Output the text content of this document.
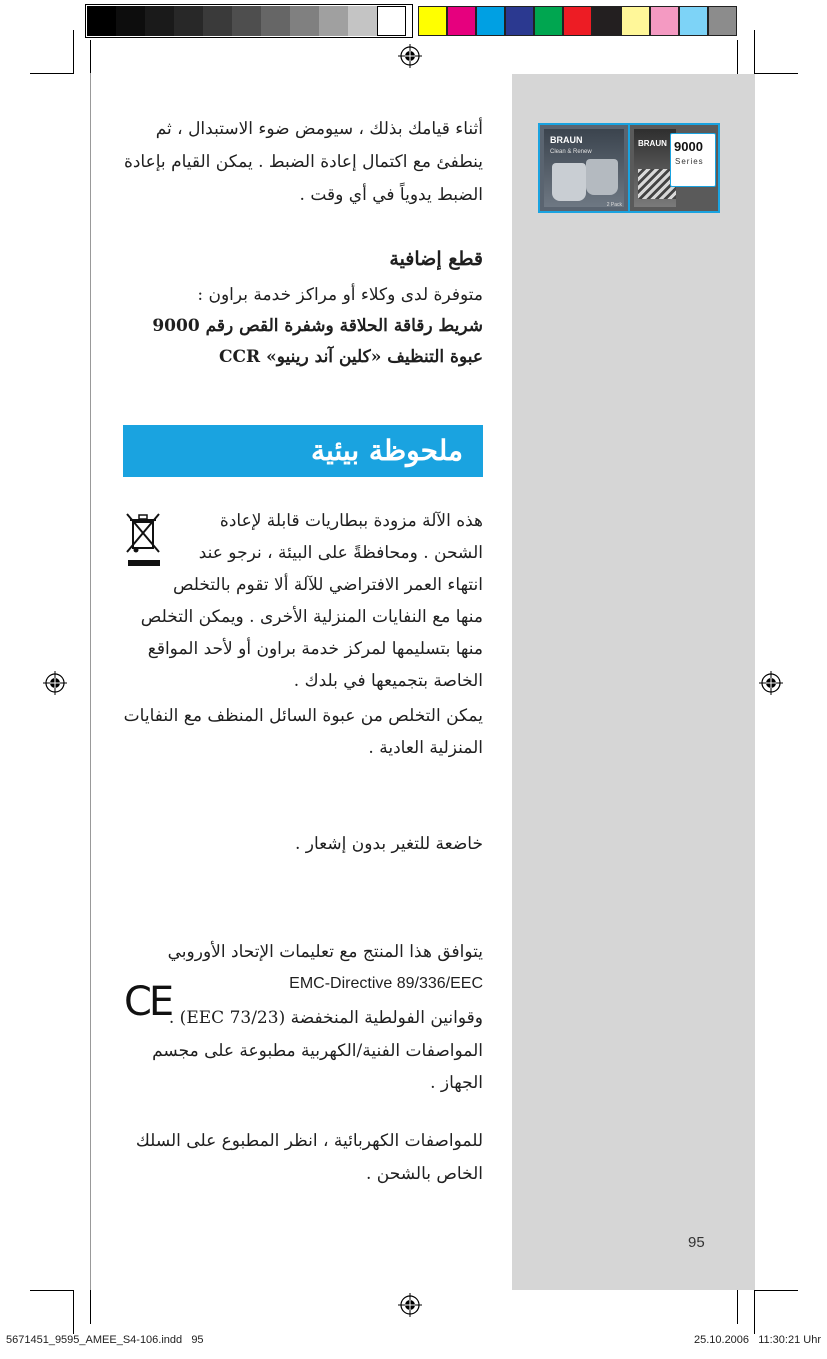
BRAUN
Clean & Renew
2 Pack
BRAUN 9000
Series
أثناء قيامك بذلك ، سيومض ضوء الاستبدال ، ثم
ينطفئ مع اكتمال إعادة الضبط . يمكن القيام بإعادة
الضبط يدوياً في أي وقت .
قطع إضافية
متوفرة لدى وكلاء أو مراكز خدمة براون :
شريط رقاقة الحلاقة وشفرة القص رقم 9000
عبوة التنظيف «كلين آند رينيو» CCR
ملحوظة بيئية
هذه الآلة مزودة ببطاريات قابلة لإعادة
الشحن . ومحافظةً على البيئة ، نرجو عند
انتهاء العمر الافتراضي للآلة ألا تقوم بالتخلص
منها مع النفايات المنزلية الأخرى . ويمكن التخلص
منها بتسليمها لمركز خدمة براون أو لأحد المواقع
الخاصة بتجميعها في بلدك .
يمكن التخلص من عبوة السائل المنظف مع النفايات
المنزلية العادية .
خاضعة للتغير بدون إشعار .
CE
يتوافق هذا المنتج مع تعليمات الإتحاد الأوروبي
EMC-Directive 89/336/EEC
وقوانين الفولطية المنخفضة (73/23 EEC) .
المواصفات الفنية/الكهربية مطبوعة على مجسم
الجهاز .
للمواصفات الكهربائية ، انظر المطبوع على السلك
الخاص بالشحن .
95
5671451_9595_AMEE_S4-106.indd   95	25.10.2006   11:30:21 Uhr
